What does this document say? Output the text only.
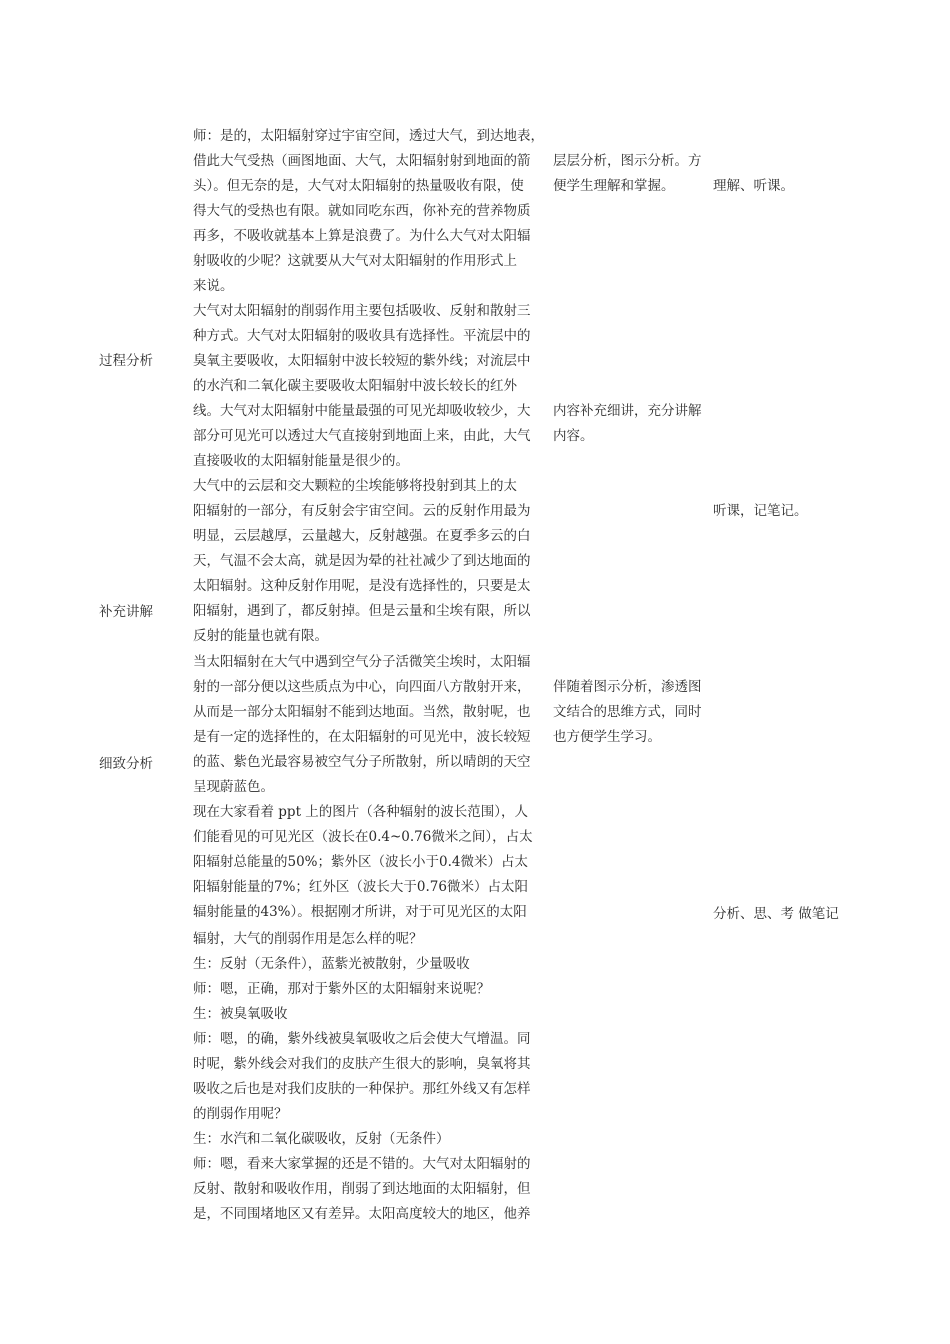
过程分析
补充讲解
细致分析
师：是的，太阳辐射穿过宇宙空间，透过大气，到达地表，
借此大气受热（画图地面、大气，太阳辐射射到地面的箭
头）。但无奈的是，大气对太阳辐射的热量吸收有限，使
得大气的受热也有限。就如同吃东西，你补充的营养物质
再多，不吸收就基本上算是浪费了。为什么大气对太阳辐
射吸收的少呢？这就要从大气对太阳辐射的作用形式上
来说。
大气对太阳辐射的削弱作用主要包括吸收、反射和散射三
种方式。大气对太阳辐射的吸收具有选择性。平流层中的
臭氧主要吸收，太阳辐射中波长较短的紫外线；对流层中
的水汽和二氧化碳主要吸收太阳辐射中波长较长的红外
线。大气对太阳辐射中能量最强的可见光却吸收较少，大
部分可见光可以透过大气直接射到地面上来，由此，大气
直接吸收的太阳辐射能量是很少的。
大气中的云层和交大颗粒的尘埃能够将投射到其上的太
阳辐射的一部分，有反射会宇宙空间。云的反射作用最为
明显，云层越厚，云量越大，反射越强。在夏季多云的白
天，气温不会太高，就是因为晕的社社减少了到达地面的
太阳辐射。这种反射作用呢，是没有选择性的，只要是太
阳辐射，遇到了，都反射掉。但是云量和尘埃有限，所以
反射的能量也就有限。
当太阳辐射在大气中遇到空气分子活微笑尘埃时，太阳辐
射的一部分便以这些质点为中心，向四面八方散射开来，
从而是一部分太阳辐射不能到达地面。当然，散射呢，也
是有一定的选择性的，在太阳辐射的可见光中，波长较短
的蓝、紫色光最容易被空气分子所散射，所以晴朗的天空
呈现蔚蓝色。
现在大家看着 ppt 上的图片（各种辐射的波长范围），人
们能看见的可见光区（波长在0.4~0.76微米之间），占太
阳辐射总能量的50%；紫外区（波长小于0.4微米）占太
阳辐射能量的7%；红外区（波长大于0.76微米）占太阳
辐射能量的43%）。根据刚才所讲，对于可见光区的太阳
辐射，大气的削弱作用是怎么样的呢？
生：反射（无条件），蓝紫光被散射，少量吸收
师：嗯，正确，那对于紫外区的太阳辐射来说呢？
生：被臭氧吸收
师：嗯，的确，紫外线被臭氧吸收之后会使大气增温。同
时呢，紫外线会对我们的皮肤产生很大的影响，臭氧将其
吸收之后也是对我们皮肤的一种保护。那红外线又有怎样
的削弱作用呢？
生：水汽和二氧化碳吸收，反射（无条件）
师：嗯，看来大家掌握的还是不错的。大气对太阳辐射的
反射、散射和吸收作用，削弱了到达地面的太阳辐射，但
是，不同围堵地区又有差异。太阳高度较大的地区，他养
层层分析，图示分析。方
便学生理解和掌握。
内容补充细讲，充分讲解
内容。
伴随着图示分析，渗透图
文结合的思维方式，同时
也方便学生学习。
理解、听课。
听课，记笔记。
分析、思、考 做笔记
